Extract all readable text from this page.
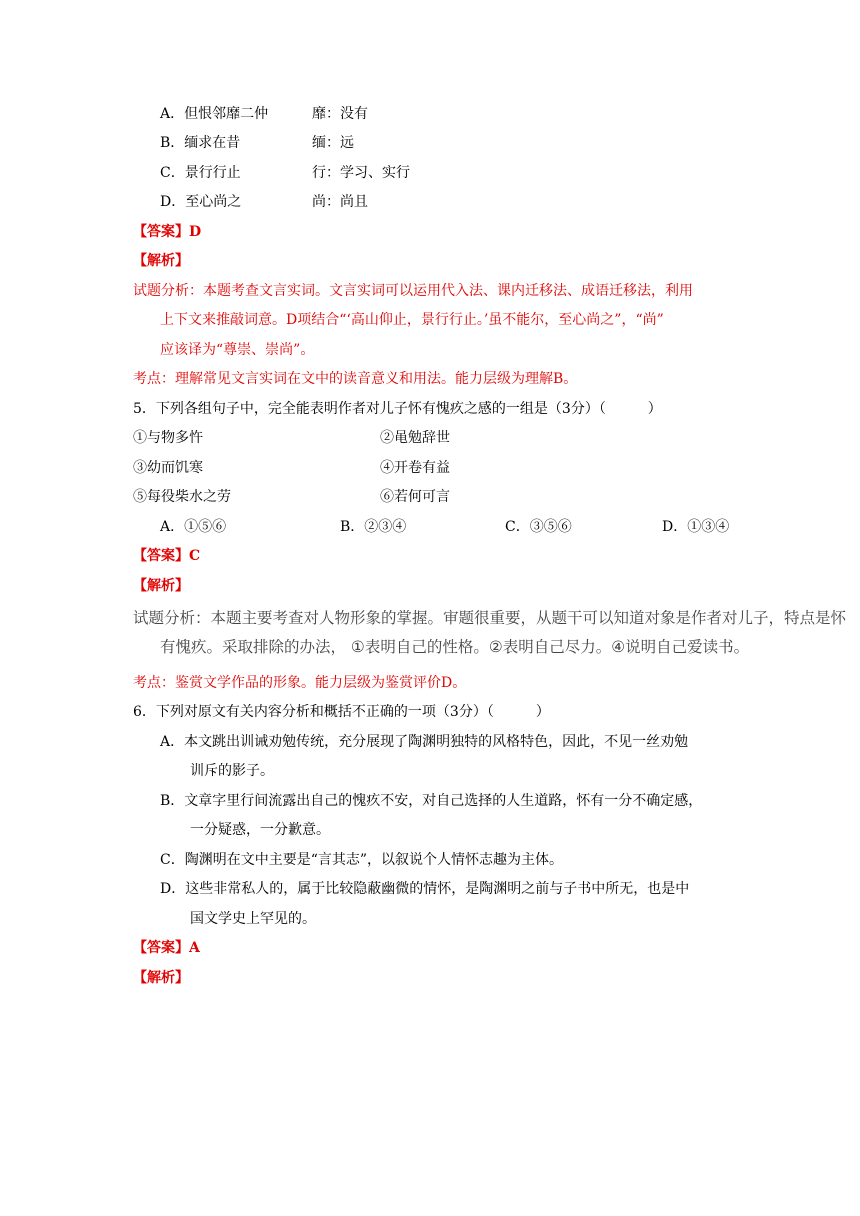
A．但恨邻靡二仲	靡：没有
B．缅求在昔	缅：远
C．景行行止	行：学习、实行
D．至心尚之	尚：尚且
【答案】D
【解析】
试题分析：本题考查文言实词。文言实词可以运用代入法、课内迁移法、成语迁移法，利用
上下文来推敲词意。D项结合“‘高山仰止，景行行止。’虽不能尔，至心尚之”，“尚”
应该译为“尊崇、崇尚”。
考点：理解常见文言实词在文中的读音意义和用法。能力层级为理解B。
5．下列各组句子中，完全能表明作者对儿子怀有愧疚之感的一组是（3分）（　　　）
①与物多忤	②黾勉辞世
③幼而饥寒	④开卷有益
⑤每役柴水之劳	⑥若何可言
A．①⑤⑥	B．②③④	C．③⑤⑥	D．①③④
【答案】C
【解析】
试题分析：本题主要考查对人物形象的掌握。审题很重要，从题干可以知道对象是作者对儿子，特点是怀
有愧疚。采取排除的办法， ①表明自己的性格。②表明自己尽力。④说明自己爱读书。
考点：鉴赏文学作品的形象。能力层级为鉴赏评价D。
6．下列对原文有关内容分析和概括不正确的一项（3分）（　　　）
A．本文跳出训诫劝勉传统，充分展现了陶渊明独特的风格特色，因此，不见一丝劝勉
训斥的影子。
B．文章字里行间流露出自己的愧疚不安，对自己选择的人生道路，怀有一分不确定感，
一分疑惑，一分歉意。
C．陶渊明在文中主要是“言其志”，以叙说个人情怀志趣为主体。
D．这些非常私人的，属于比较隐蔽幽微的情怀，是陶渊明之前与子书中所无，也是中
国文学史上罕见的。
【答案】A
【解析】
